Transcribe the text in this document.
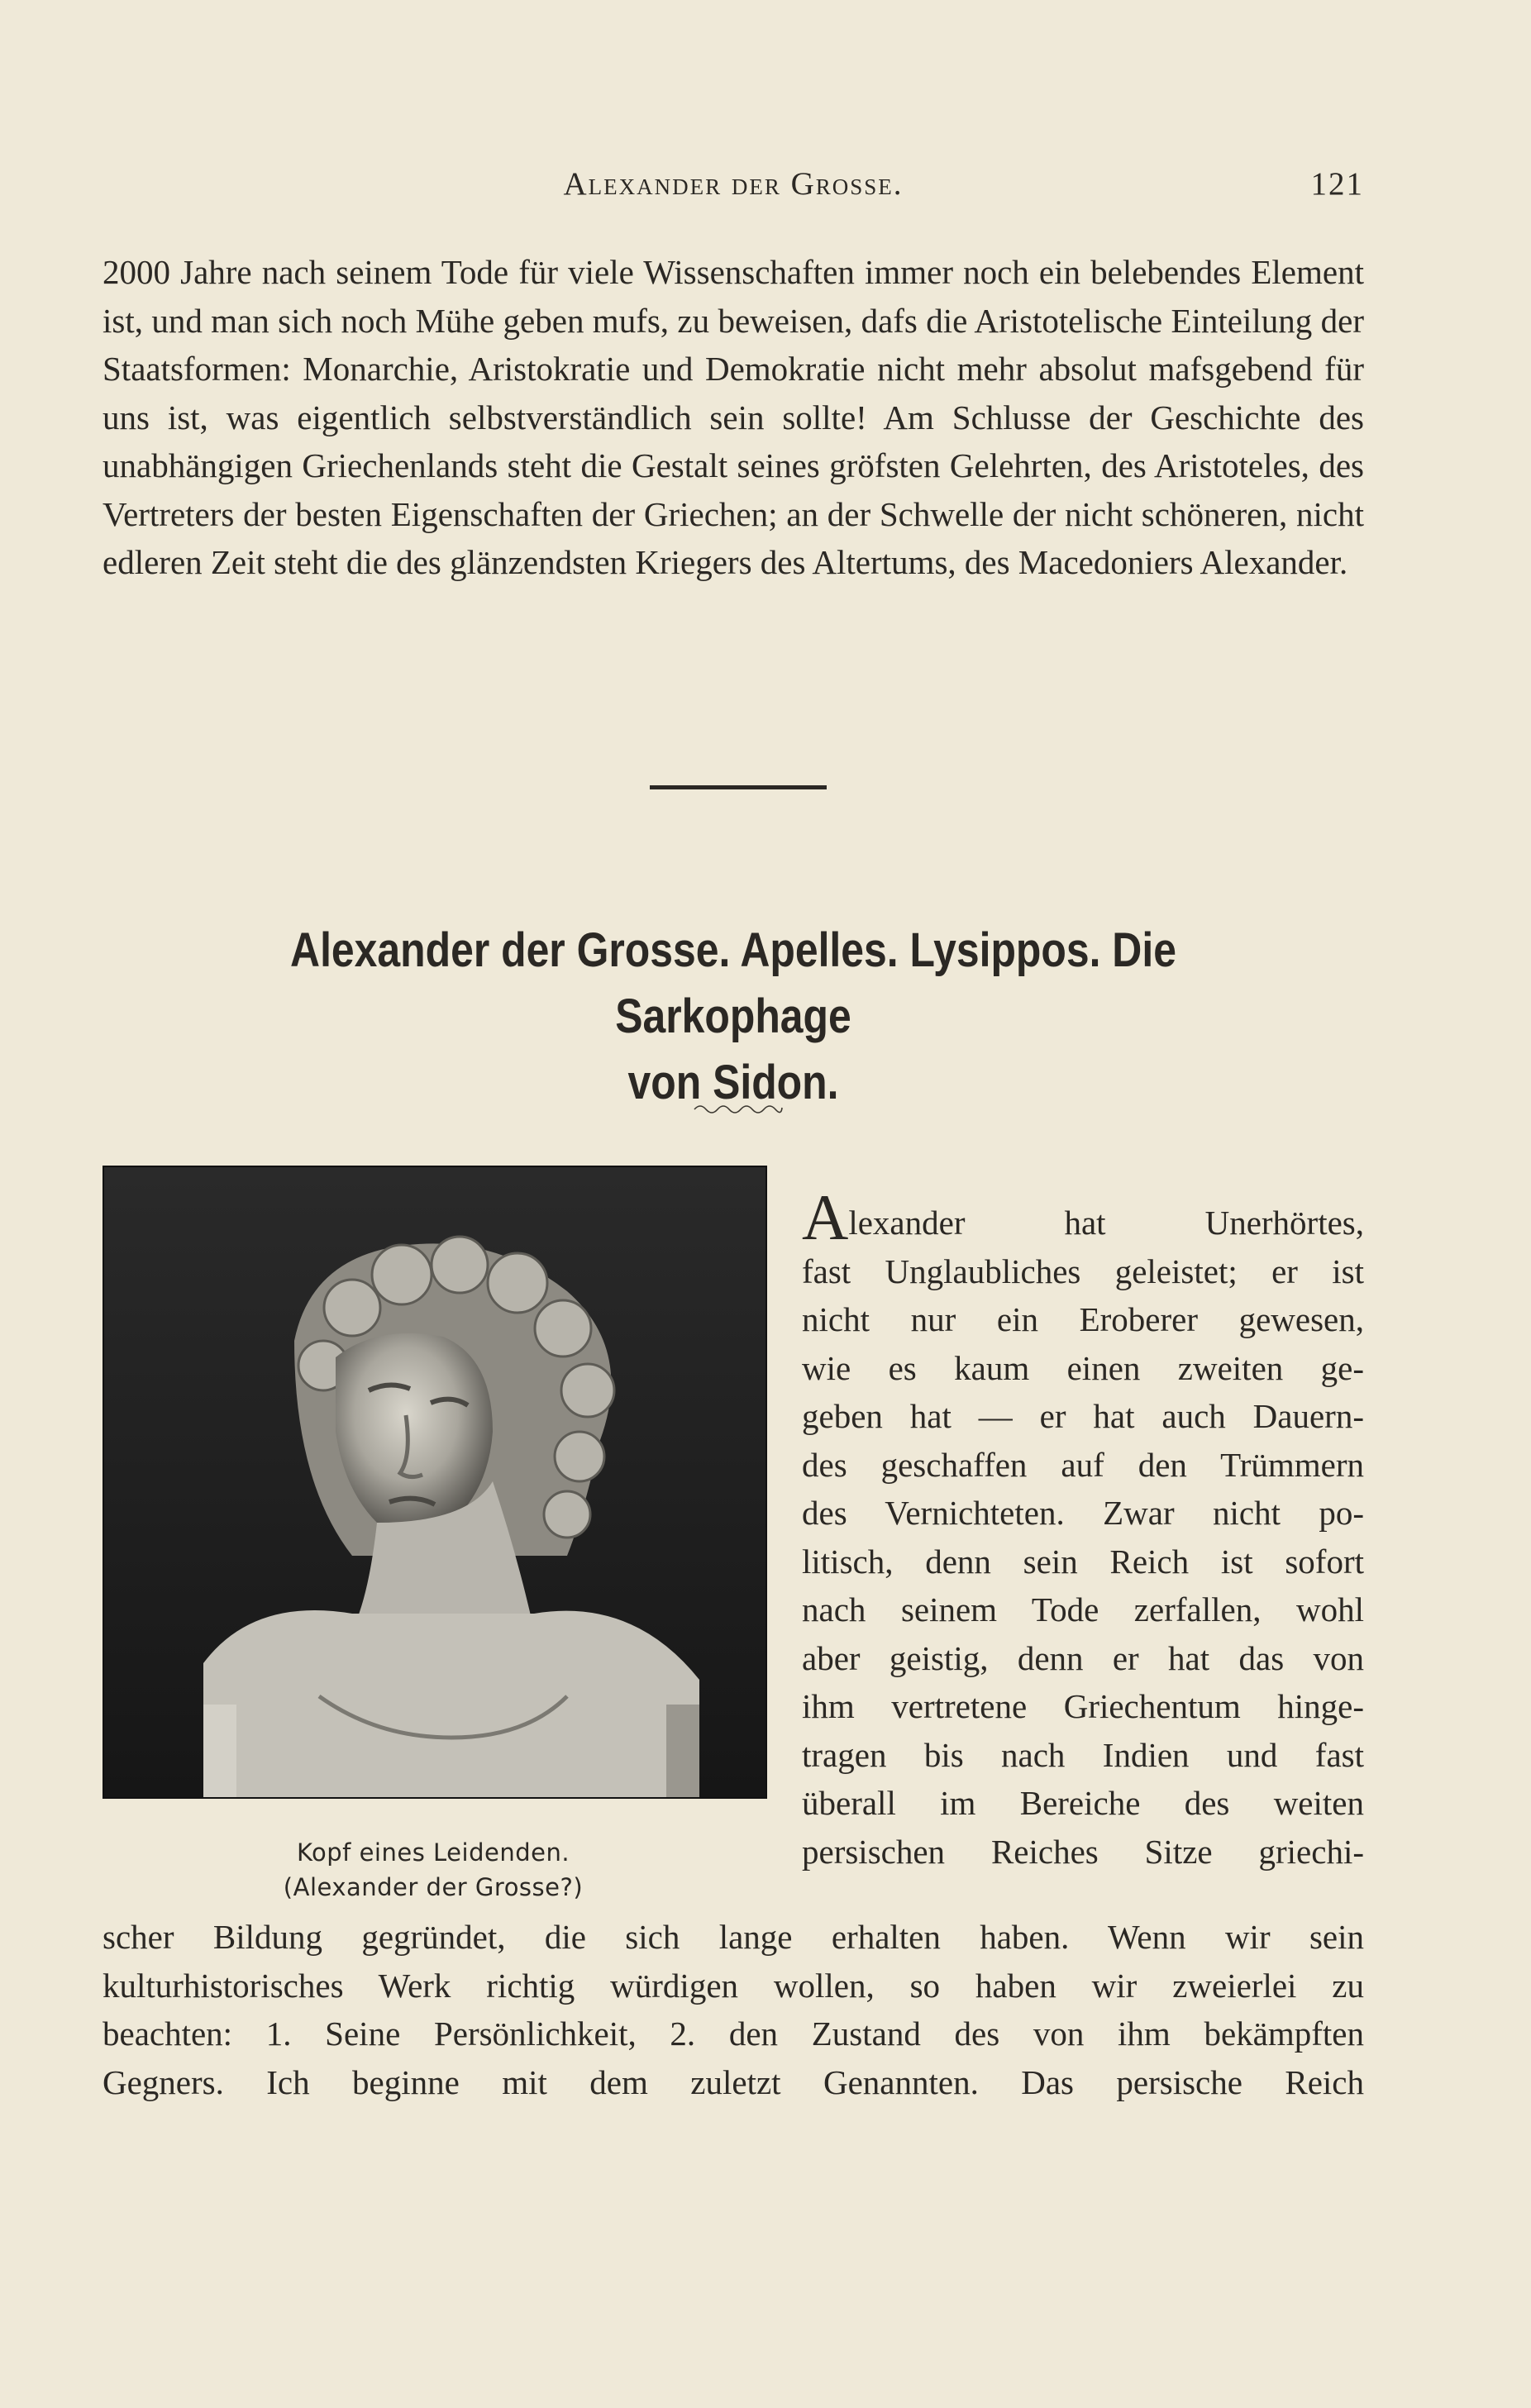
Alexander der Grosse.	121

2000 Jahre nach seinem Tode für viele Wissenschaften immer noch ein belebendes Element ist, und man sich noch Mühe geben mufs, zu beweisen, dafs die Aristotelische Einteilung der Staatsformen: Monarchie, Aristokratie und Demokratie nicht mehr absolut mafsgebend für uns ist, was eigentlich selbstverständlich sein sollte! Am Schlusse der Geschichte des unabhängigen Griechenlands steht die Gestalt seines gröfsten Gelehrten, des Aristoteles, des Vertreters der besten Eigenschaften der Griechen; an der Schwelle der nicht schöneren, nicht edleren Zeit steht die des glänzendsten Kriegers des Altertums, des Macedoniers Alexander.

Alexander der Grosse. Apelles. Lysippos. Die Sarkophage
von Sidon.
Kopf eines Leidenden.
(Alexander der Grosse?)
Alexander hat Unerhörtes,
fast Unglaubliches geleistet; er ist
nicht nur ein Eroberer gewesen,
wie es kaum einen zweiten ge-
geben hat — er hat auch Dauern-
des geschaffen auf den Trümmern
des Vernichteten. Zwar nicht po-
litisch, denn sein Reich ist sofort
nach seinem Tode zerfallen, wohl
aber geistig, denn er hat das von
ihm vertretene Griechentum hinge-
tragen bis nach Indien und fast
überall im Bereiche des weiten
persischen Reiches Sitze griechi-
scher Bildung gegründet, die sich lange erhalten haben. Wenn wir sein
kulturhistorisches Werk richtig würdigen wollen, so haben wir zweierlei zu
beachten: 1. Seine Persönlichkeit, 2. den Zustand des von ihm bekämpften
Gegners. Ich beginne mit dem zuletzt Genannten. Das persische Reich
